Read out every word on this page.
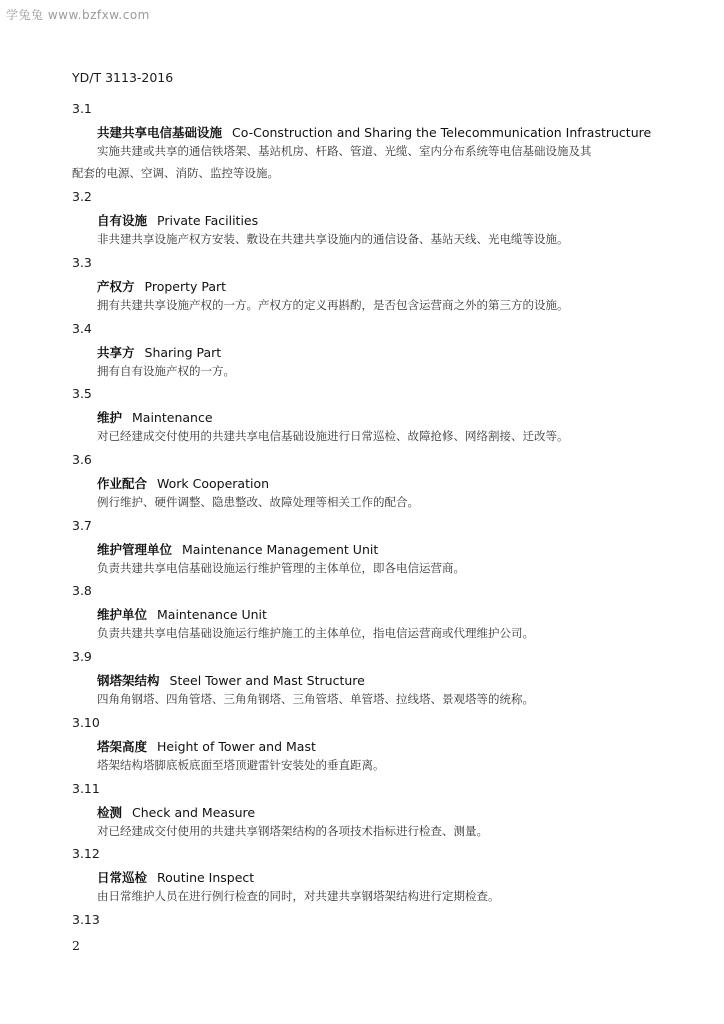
学兔兔 www.bzfxw.com
YD/T 3113-2016
3.1
共建共享电信基础设施 Co-Construction and Sharing the Telecommunication Infrastructure
实施共建或共享的通信铁塔架、基站机房、杆路、管道、光缆、室内分布系统等电信基础设施及其
配套的电源、空调、消防、监控等设施。
3.2
自有设施 Private Facilities
非共建共享设施产权方安装、敷设在共建共享设施内的通信设备、基站天线、光电缆等设施。
3.3
产权方 Property Part
拥有共建共享设施产权的一方。产权方的定义再斟酌，是否包含运营商之外的第三方的设施。
3.4
共享方 Sharing Part
拥有自有设施产权的一方。
3.5
维护 Maintenance
对已经建成交付使用的共建共享电信基础设施进行日常巡检、故障抢修、网络割接、迁改等。
3.6
作业配合 Work Cooperation
例行维护、硬件调整、隐患整改、故障处理等相关工作的配合。
3.7
维护管理单位 Maintenance Management Unit
负责共建共享电信基础设施运行维护管理的主体单位，即各电信运营商。
3.8
维护单位 Maintenance Unit
负责共建共享电信基础设施运行维护施工的主体单位，指电信运营商或代理维护公司。
3.9
钢塔架结构 Steel Tower and Mast Structure
四角角钢塔、四角管塔、三角角钢塔、三角管塔、单管塔、拉线塔、景观塔等的统称。
3.10
塔架高度 Height of Tower and Mast
塔架结构塔脚底板底面至塔顶避雷针安装处的垂直距离。
3.11
检测 Check and Measure
对已经建成交付使用的共建共享钢塔架结构的各项技术指标进行检查、测量。
3.12
日常巡检 Routine Inspect
由日常维护人员在进行例行检查的同时，对共建共享钢塔架结构进行定期检查。
3.13
2
